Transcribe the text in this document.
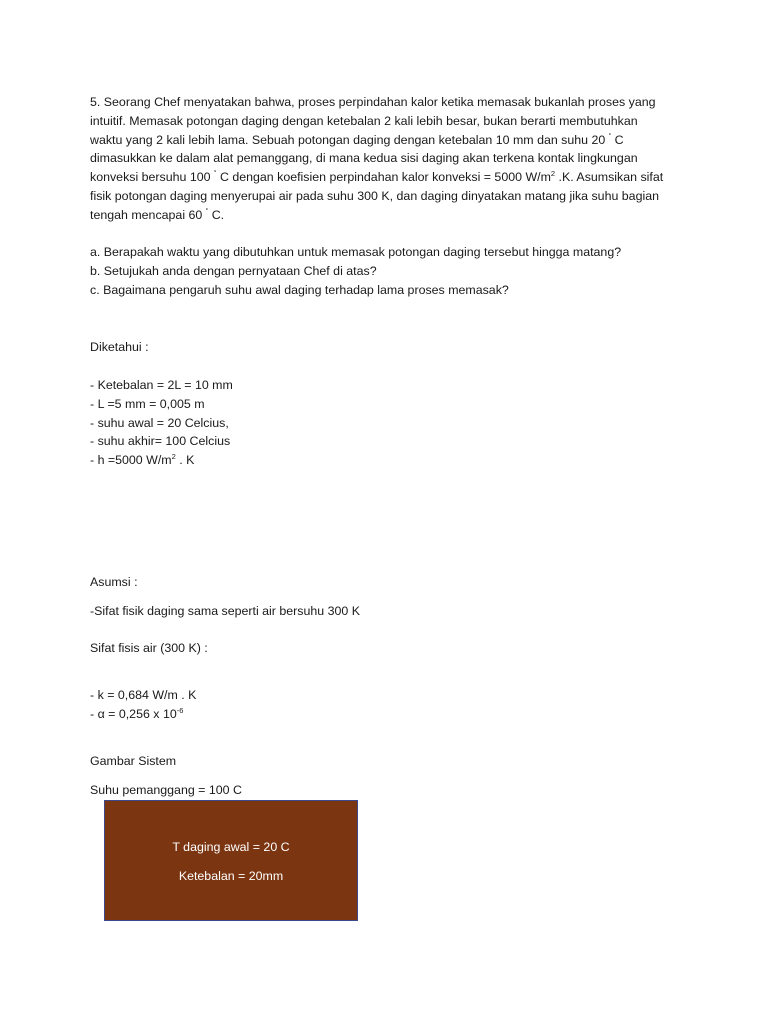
5. Seorang Chef menyatakan bahwa, proses perpindahan kalor ketika memasak bukanlah proses yang
intuitif. Memasak potongan daging dengan ketebalan 2 kali lebih besar, bukan berarti membutuhkan
waktu yang 2 kali lebih lama. Sebuah potongan daging dengan ketebalan 10 mm dan suhu 20 ˚ C
dimasukkan ke dalam alat pemanggang, di mana kedua sisi daging akan terkena kontak lingkungan
konveksi bersuhu 100 ˚ C dengan koefisien perpindahan kalor konveksi = 5000 $W/m^2$ .K. Asumsikan sifat
fisik potongan daging menyerupai air pada suhu 300 K, dan daging dinyatakan matang jika suhu bagian
tengah mencapai 60 ˚ C.
a. Berapakah waktu yang dibutuhkan untuk memasak potongan daging tersebut hingga matang?
b. Setujukah anda dengan pernyataan Chef di atas?
c. Bagaimana pengaruh suhu awal daging terhadap lama proses memasak?
Diketahui :
- Ketebalan = 2L = 10 mm
- L =5 mm = 0,005 m
- suhu awal = 20 Celcius,
- suhu akhir= 100 Celcius
- h =5000 $W/m^2$ . K
Asumsi :
-Sifat fisik daging sama seperti air bersuhu 300 K
Sifat fisis air (300 K) :
- k = 0,684 W/m . K
- α = 0,256 x $10^{-6}$
Gambar Sistem
Suhu pemanggang = 100 C
T daging awal = 20 C
Ketebalan = 20mm
